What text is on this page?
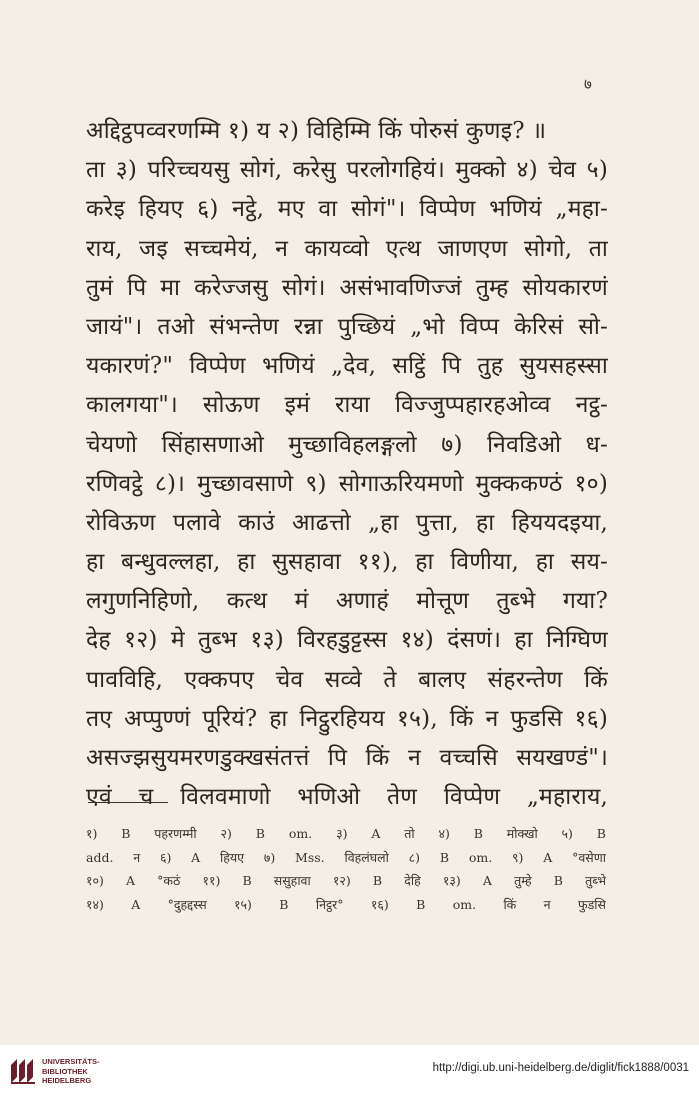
७
अद्दिट्ठपव्वरणम्मि १) य २) विहिम्मि किं पोरुसं कुणइ? ॥
ता ३) परिच्चयसु सोगं, करेसु परलोगहियं। मुक्को ४) चेव ५)
करेइ हियए ६) नट्ठे, मए वा सोगं"। विप्पेण भणियं „महा-
राय, जइ सच्चमेयं, न कायव्वो एत्थ जाणएण सोगो, ता
तुमं पि मा करेज्जसु सोगं। असंभावणिज्जं तुम्ह सोयकारणं
जायं"। तओ संभन्तेण रन्ना पुच्छियं „भो विप्प केरिसं सो-
यकारणं?" विप्पेण भणियं „देव, सट्ठिं पि तुह सुयसहस्सा
कालगया"। सोऊण इमं राया विज्जुप्पहारहओव्व नट्ठ-
चेयणो सिंहासणाओ मुच्छाविहलङ्गलो ७) निवडिओ ध-
रणिवट्ठे ८)। मुच्छावसाणे ९) सोगाऊरियमणो मुक्ककण्ठं १०)
रोविऊण पलावे काउं आढत्तो „हा पुत्ता, हा हिययदइया,
हा बन्धुवल्लहा, हा सुसहावा ११), हा विणीया, हा सय-
लगुणनिहिणो, कत्थ मं अणाहं मोत्तूण तुब्भे गया?
देह १२) मे तुब्भ १३) विरहडुट्टस्स १४) दंसणं। हा निग्घिण
पावविहि, एक्कपए चेव सव्वे ते बालए संहरन्तेण किं
तए अप्पुण्णं पूरियं? हा निट्ठुरहियय १५), किं न फुडसि १६)
असज्झसुयमरणडुक्खसंतत्तं पि किं न वच्चसि सयखण्डं"।
एवं च विलवमाणो भणिओ तेण विप्पेण „महाराय,
१) B पहरणम्मी २) B om. ३) A तो ४) B मोक्खो ५) B
add. न ६) A हियए ७) Mss. विहलंघलो ८) B om. ९) A °वसेणा
१०) A °कठं ११) B ससुहावा १२) B देहि १३) A तुम्हे B तुब्भे
१४) A °दुहद्दस्स १५) B निट्ठर° १६) B om. किं न फुडसि
UNIVERSITÄTS-
BIBLIOTHEK
HEIDELBERG
http://digi.ub.uni-heidelberg.de/diglit/fick1888/0031
